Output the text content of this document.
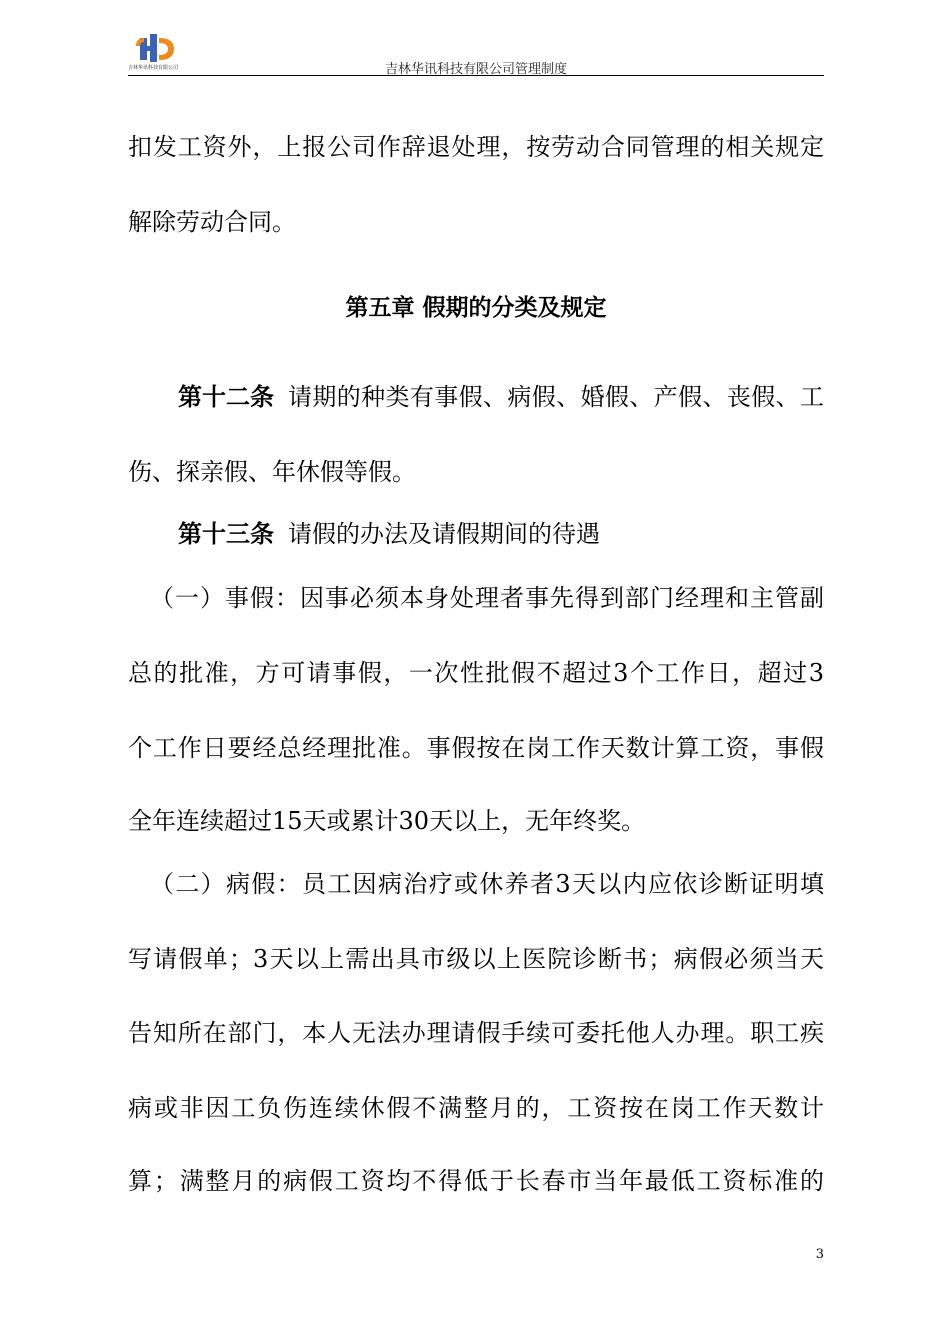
吉林华讯科技有限公司	吉林华讯科技有限公司管理制度
扣发工资外，上报公司作辞退处理，按劳动合同管理的相关规定
解除劳动合同。
第五章 假期的分类及规定
第十二条 请期的种类有事假、病假、婚假、产假、丧假、工
伤、探亲假、年休假等假。
第十三条 请假的办法及请假期间的待遇
（一）事假：因事必须本身处理者事先得到部门经理和主管副
总的批准，方可请事假，一次性批假不超过3个工作日，超过3
个工作日要经总经理批准。事假按在岗工作天数计算工资，事假
全年连续超过15天或累计30天以上，无年终奖。
（二）病假：员工因病治疗或休养者3天以内应依诊断证明填
写请假单；3天以上需出具市级以上医院诊断书；病假必须当天
告知所在部门，本人无法办理请假手续可委托他人办理。职工疾
病或非因工负伤连续休假不满整月的，工资按在岗工作天数计
算；满整月的病假工资均不得低于长春市当年最低工资标准的
3
